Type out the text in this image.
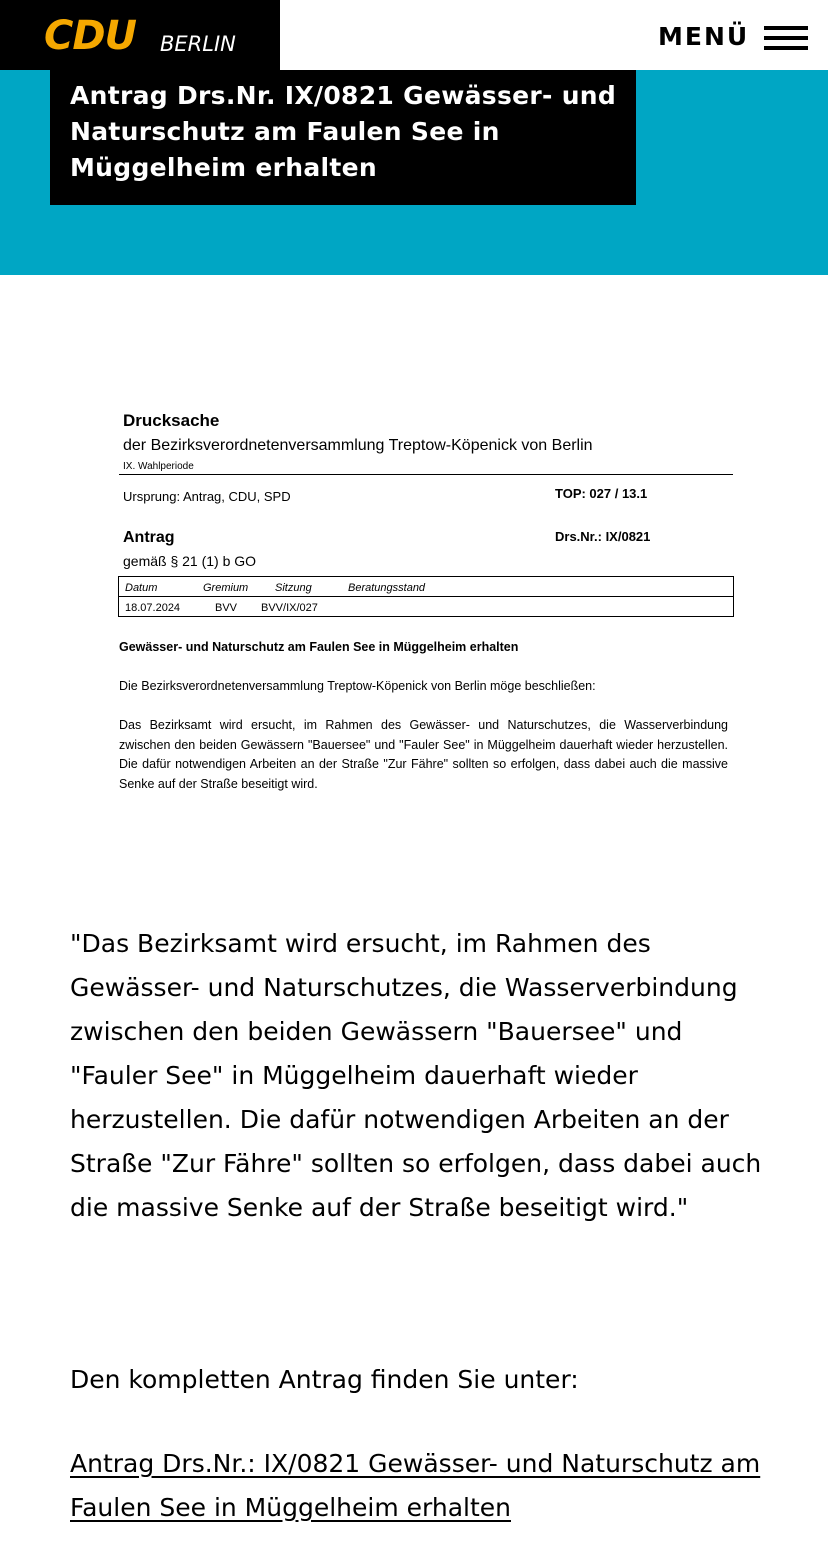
CDU BERLIN	MENÜ
Antrag Drs.Nr. IX/0821 Gewässer- und Naturschutz am Faulen See in Müggelheim erhalten
Drucksache
der Bezirksverordnetenversammlung Treptow-Köpenick von Berlin
IX. Wahlperiode
Ursprung: Antrag, CDU, SPD	TOP: 027 / 13.1
Antrag	Drs.Nr.: IX/0821
gemäß § 21 (1) b GO
Datum	Gremium Sitzung	Beratungsstand
18.07.2024	BVV BVV/IX/027
Gewässer- und Naturschutz am Faulen See in Müggelheim erhalten
Die Bezirksverordnetenversammlung Treptow-Köpenick von Berlin möge beschließen:

Das Bezirksamt wird ersucht, im Rahmen des Gewässer- und Naturschutzes, die Wasserverbindung zwischen den beiden Gewässern "Bauersee" und "Fauler See" in Müggelheim dauerhaft wieder herzustellen. Die dafür notwendigen Arbeiten an der Straße "Zur Fähre" sollten so erfolgen, dass dabei auch die massive Senke auf der Straße beseitigt wird.

"Das Bezirksamt wird ersucht, im Rahmen des Gewässer- und Naturschutzes, die Wasserverbindung
zwischen den beiden Gewässern "Bauersee" und "Fauler See" in Müggelheim dauerhaft wieder herzustellen. Die dafür notwendigen Arbeiten an der Straße "Zur Fähre" sollten so erfolgen, dass dabei auch die massive Senke auf der Straße beseitigt wird."

Den kompletten Antrag finden Sie unter:

Antrag Drs.Nr.: IX/0821 Gewässer- und Naturschutz am Faulen See in Müggelheim erhalten
